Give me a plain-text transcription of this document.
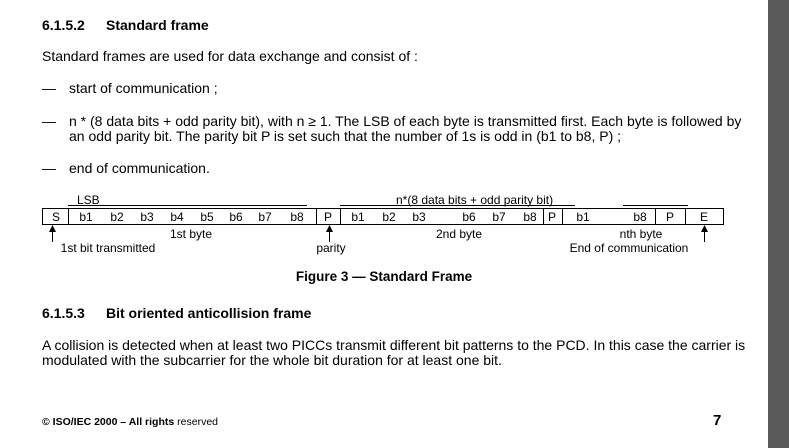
6.1.5.2 Standard frame
Standard frames are used for data exchange and consist of :
— start of communication ;
— n * (8 data bits + odd parity bit), with n ≥ 1. The LSB of each byte is transmitted first. Each byte is followed by
an odd parity bit. The parity bit P is set such that the number of 1s is odd in (b1 to b8, P) ;
— end of communication.
LSB	n*(8 data bits + odd parity bit)
S b1 b2 b3 b4 b5 b6 b7 b8 P b1 b2 b3	b6 b7 b8 P b1	b8 P E
1st byte	2nd byte	nth byte
1st bit transmitted	parity	End of communication
Figure 3 — Standard Frame
6.1.5.3 Bit oriented anticollision frame
A collision is detected when at least two PICCs transmit different bit patterns to the PCD. In this case the carrier is
modulated with the subcarrier for the whole bit duration for at least one bit.
© ISO/IEC 2000 – All rights reserved	7
